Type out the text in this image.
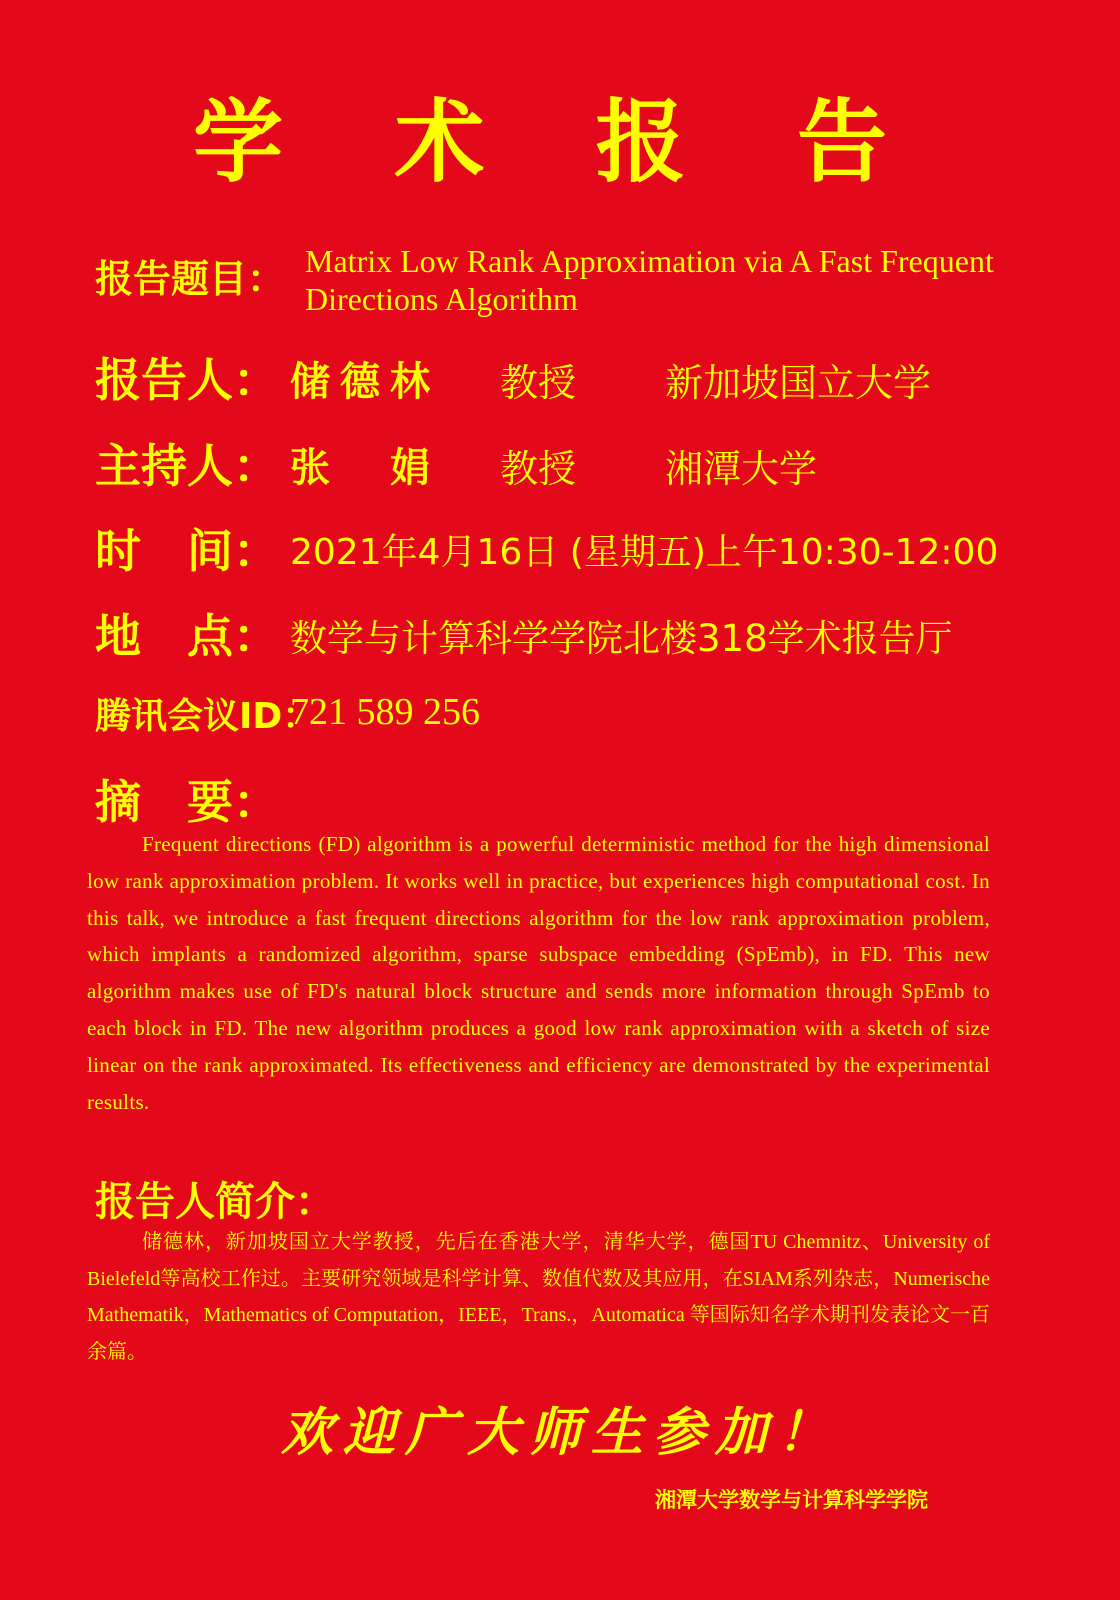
学 术 报 告
报告题目： Matrix Low Rank Approximation via A Fast Frequent Directions Algorithm
报告人： 储德林 教授 新加坡国立大学
主持人： 张　娟 教授 湘潭大学
时　间： 2021年4月16日 (星期五)上午10:30-12:00
地　点： 数学与计算科学学院北楼318学术报告厅
腾讯会议ID：
721 589 256
摘　要：
Frequent directions (FD) algorithm is a powerful deterministic method for the high dimensional low rank approximation problem. It works well in practice, but experiences high computational cost. In this talk, we introduce a fast frequent directions algorithm for the low rank approximation problem, which implants a randomized algorithm, sparse subspace embedding (SpEmb), in FD. This new algorithm makes use of FD's natural block structure and sends more information through SpEmb to each block in FD. The new algorithm produces a good low rank approximation with a sketch of size linear on the rank approximated. Its effectiveness and efficiency are demonstrated by the experimental results.
报告人简介：
储德林，新加坡国立大学教授，先后在香港大学，清华大学，德国TU Chemnitz、University of Bielefeld等高校工作过。主要研究领域是科学计算、数值代数及其应用，在SIAM系列杂志，Numerische Mathematik，Mathematics of Computation，IEEE，Trans.，Automatica 等国际知名学术期刊发表论文一百余篇。
欢迎广大师生参加！
湘潭大学数学与计算科学学院
